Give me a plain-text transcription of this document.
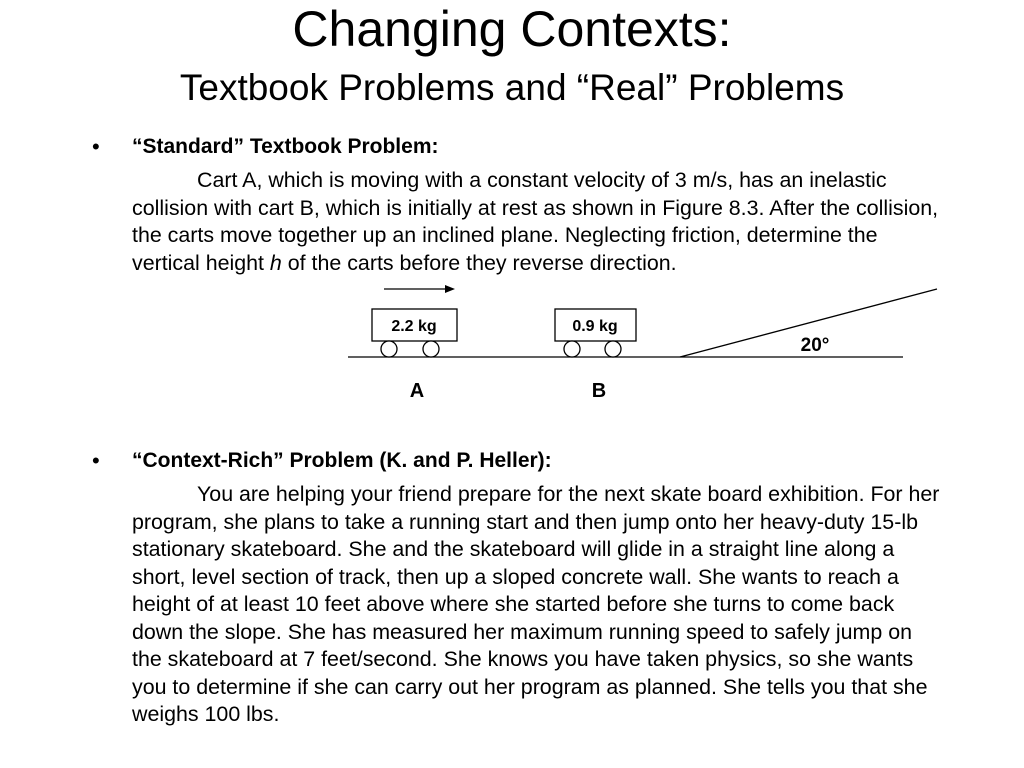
Changing Contexts:
Textbook Problems and “Real” Problems
• “Standard” Textbook Problem:

Cart A, which is moving with a constant velocity of 3 m/s, has an inelastic collision with cart B, which is initially at rest as shown in Figure 8.3. After the collision, the carts move together up an inclined plane. Neglecting friction, determine the vertical height h of the carts before they reverse direction.

2.2 kg	0.9 kg
A	B
20°
• “Context-Rich” Problem (K. and P. Heller):

You are helping your friend prepare for the next skate board exhibition. For her program, she plans to take a running start and then jump onto her heavy-duty 15-lb stationary skateboard. She and the skateboard will glide in a straight line along a short, level section of track, then up a sloped concrete wall. She wants to reach a height of at least 10 feet above where she started before she turns to come back down the slope. She has measured her maximum running speed to safely jump on the skateboard at 7 feet/second. She knows you have taken physics, so she wants you to determine if she can carry out her program as planned. She tells you that she weighs 100 lbs.
